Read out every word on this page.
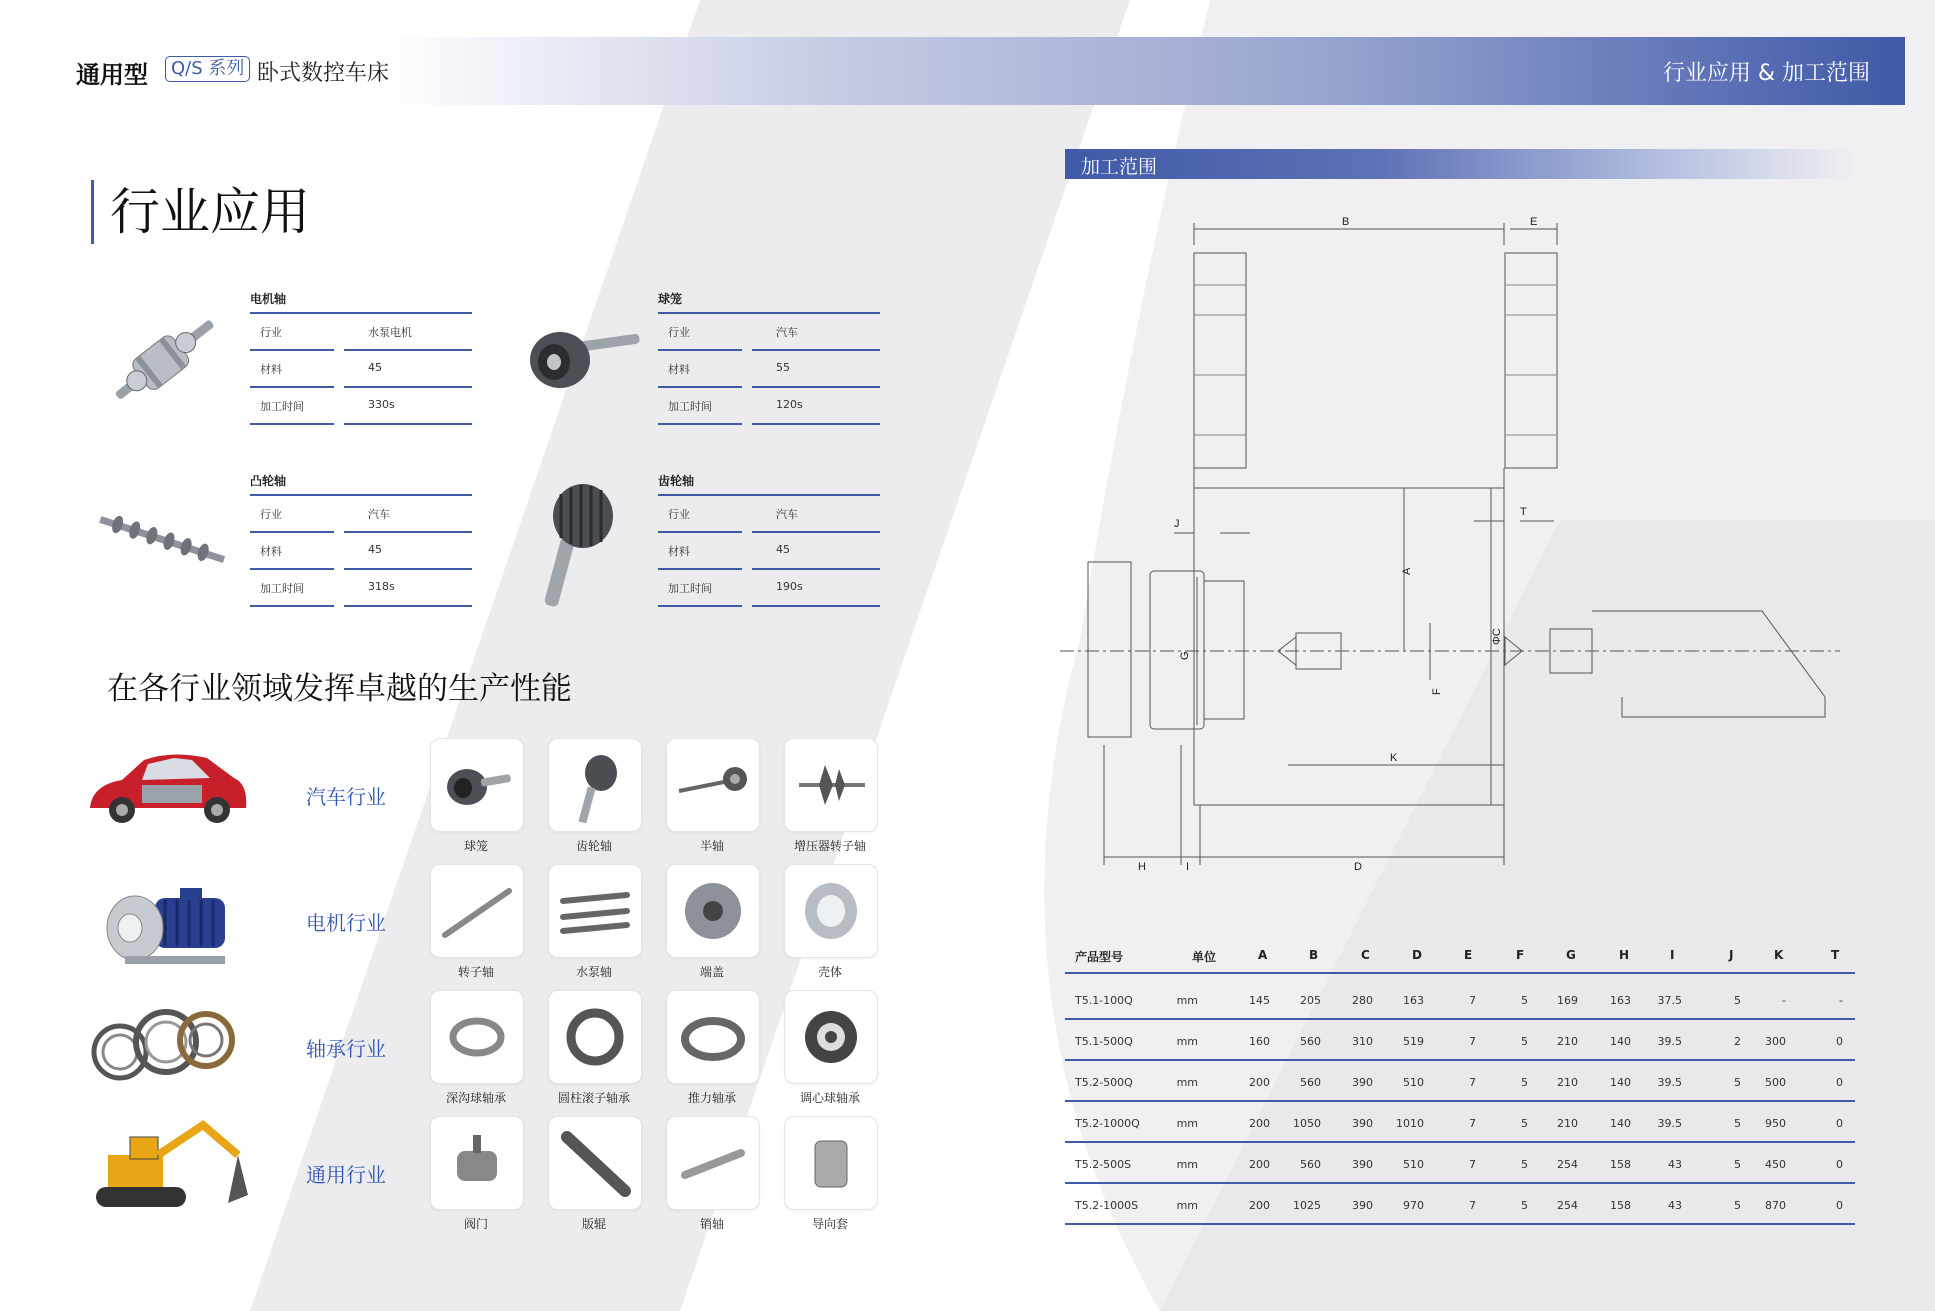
通用型	Q/S 系列 卧式数控车床	行业应用 & 加工范围
行业应用
电机轴
行业	水泵电机
材料	45
加工时间	330s
球笼
行业	汽车
材料	55
加工时间	120s
凸轮轴
行业	汽车
材料	45
加工时间	318s
齿轮轴
行业	汽车
材料	45
加工时间	190s
在各行业领域发挥卓越的生产性能
汽车行业
电机行业
轴承行业
通用行业
球笼	齿轮轴	半轴	增压器转子轴
转子轴	水泵轴	端盖	壳体
深沟球轴承	圆柱滚子轴承	推力轴承	调心球轴承
阀门	版辊	销轴	导向套
加工范围
B	E
J
T
A
ΦC
G
F
K
H	I	D
产品型号	单位	A	B	C	D	E	F	G	H	I	J	K	T
T5.1-100Q	mm	145	205	280	163	7	5	169	163	37.5	5	-	-
T5.1-500Q	mm	160	560	310	519	7	5	210	140	39.5	2	300	0
T5.2-500Q	mm	200	560	390	510	7	5	210	140	39.5	5	500	0
T5.2-1000Q	mm	200	1050	390	1010	7	5	210	140	39.5	5	950	0
T5.2-500S	mm	200	560	390	510	7	5	254	158	43	5	450	0
T5.2-1000S	mm	200	1025	390	970	7	5	254	158	43	5	870	0
